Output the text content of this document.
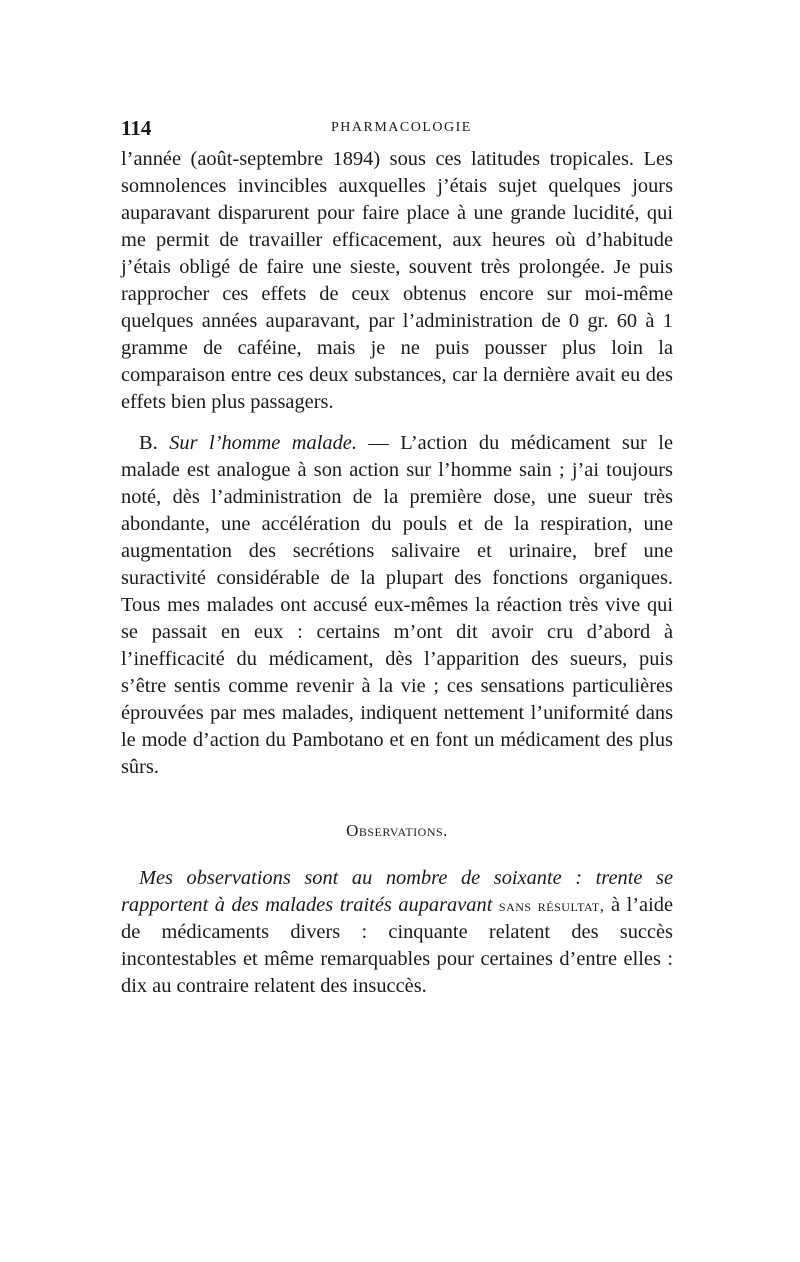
114	PHARMACOLOGIE

l’année (août-septembre 1894) sous ces latitudes tropicales. Les somnolences invincibles auxquelles j’étais sujet quelques jours auparavant disparurent pour faire place à une grande lucidité, qui me permit de travailler efficacement, aux heures où d’habitude j’étais obligé de faire une sieste, souvent très prolongée. Je puis rapprocher ces effets de ceux obtenus encore sur moi-même quelques années auparavant, par l’administration de 0 gr. 60 à 1 gramme de caféine, mais je ne puis pousser plus loin la comparaison entre ces deux substances, car la dernière avait eu des effets bien plus passagers.

B. Sur l’homme malade. — L’action du médicament sur le malade est analogue à son action sur l’homme sain ; j’ai toujours noté, dès l’administration de la première dose, une sueur très abondante, une accélération du pouls et de la respiration, une augmentation des secrétions salivaire et urinaire, bref une suractivité considérable de la plupart des fonctions organiques. Tous mes malades ont accusé eux-mêmes la réaction très vive qui se passait en eux : certains m’ont dit avoir cru d’abord à l’inefficacité du médicament, dès l’apparition des sueurs, puis s’être sentis comme revenir à la vie ; ces sensations particulières éprouvées par mes malades, indiquent nettement l’uniformité dans le mode d’action du Pambotano et en font un médicament des plus sûrs.

Observations.

Mes observations sont au nombre de soixante : trente se rapportent à des malades traités auparavant sans résultat, à l’aide de médicaments divers : cinquante relatent des succès incontestables et même remarquables pour certaines d’entre elles : dix au contraire relatent des insuccès.
